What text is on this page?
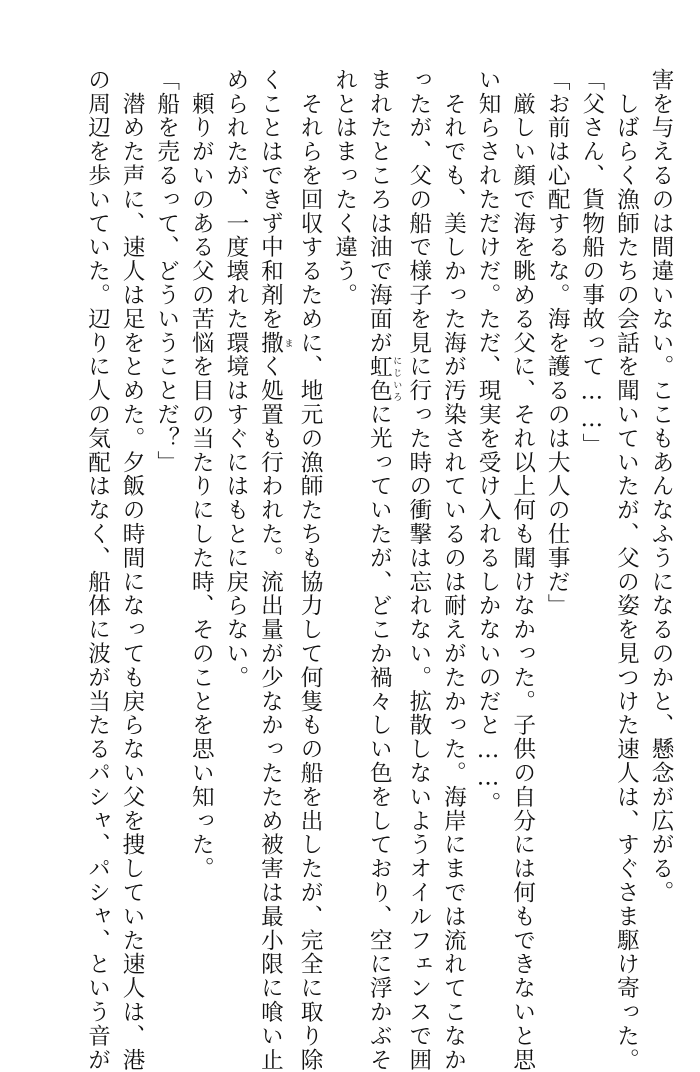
害を与えるのは間違いない。ここもあんなふうになるのかと、懸念が広がる。
　しばらく漁師たちの会話を聞いていたが、父の姿を見つけた速人は、すぐさま駆け寄った。
「父さん、貨物船の事故って……」
「お前は心配するな。海を護るのは大人の仕事だ」
　厳しい顔で海を眺める父に、それ以上何も聞けなかった。子供の自分には何もできないと思
い知らされただけだ。ただ、現実を受け入れるしかないのだと……。
　それでも、美しかった海が汚染されているのは耐えがたかった。海岸にまでは流れてこなか
ったが、父の船で様子を見に行った時の衝撃は忘れない。拡散しないようオイルフェンスで囲
まれたところは油で海面が虹色 にじいろに光っていたが、どこか禍々しい色をしており、空に浮かぶそ
れとはまったく違う。
　それらを回収するために、地元の漁師たちも協力して何隻もの船を出したが、完全に取り除
くことはできず中和剤を撒 まく処置も行われた。流出量が少なかったため被害は最小限に喰い止
められたが、一度壊れた環境はすぐにはもとに戻らない。
　頼りがいのある父の苦悩を目の当たりにした時、そのことを思い知った。
「船を売るって、どういうことだ？」
　潜めた声に、速人は足をとめた。夕飯の時間になっても戻らない父を捜していた速人は、港
の周辺を歩いていた。辺りに人の気配はなく、船体に波が当たるパシャ、パシャ、という音が
